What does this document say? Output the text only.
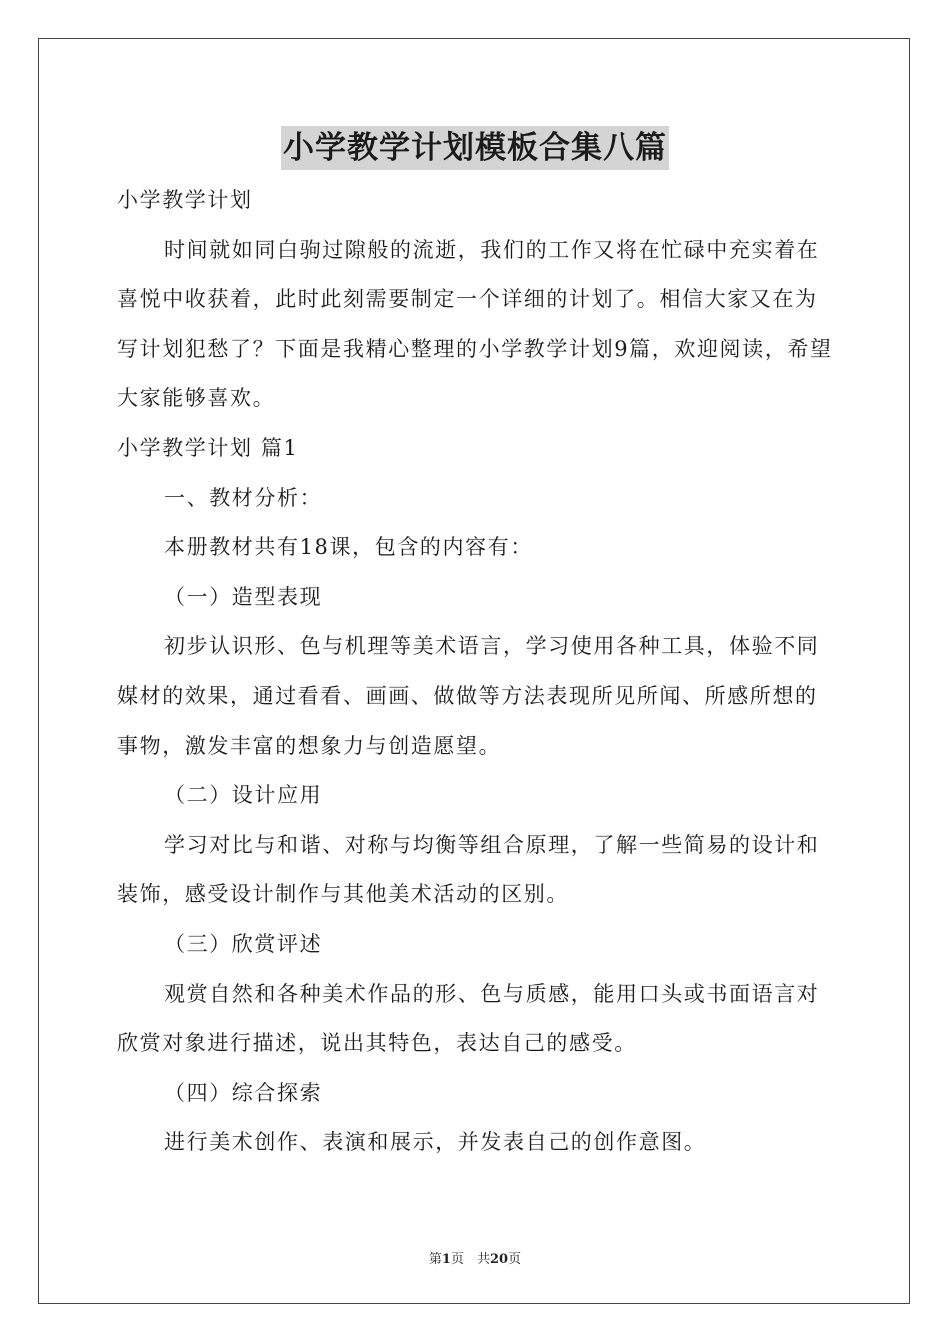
小学教学计划模板合集八篇

小学教学计划

时间就如同白驹过隙般的流逝，我们的工作又将在忙碌中充实着在喜悦中收获着，此时此刻需要制定一个详细的计划了。相信大家又在为写计划犯愁了？下面是我精心整理的小学教学计划9篇，欢迎阅读，希望大家能够喜欢。

小学教学计划 篇1

一、教材分析：

本册教材共有18课，包含的内容有：

（一）造型表现

初步认识形、色与机理等美术语言，学习使用各种工具，体验不同媒材的效果，通过看看、画画、做做等方法表现所见所闻、所感所想的事物，激发丰富的想象力与创造愿望。

（二）设计应用

学习对比与和谐、对称与均衡等组合原理，了解一些简易的设计和装饰，感受设计制作与其他美术活动的区别。

（三）欣赏评述

观赏自然和各种美术作品的形、色与质感，能用口头或书面语言对欣赏对象进行描述，说出其特色，表达自己的感受。

（四）综合探索

进行美术创作、表演和展示，并发表自己的创作意图。

第1页　共20页
